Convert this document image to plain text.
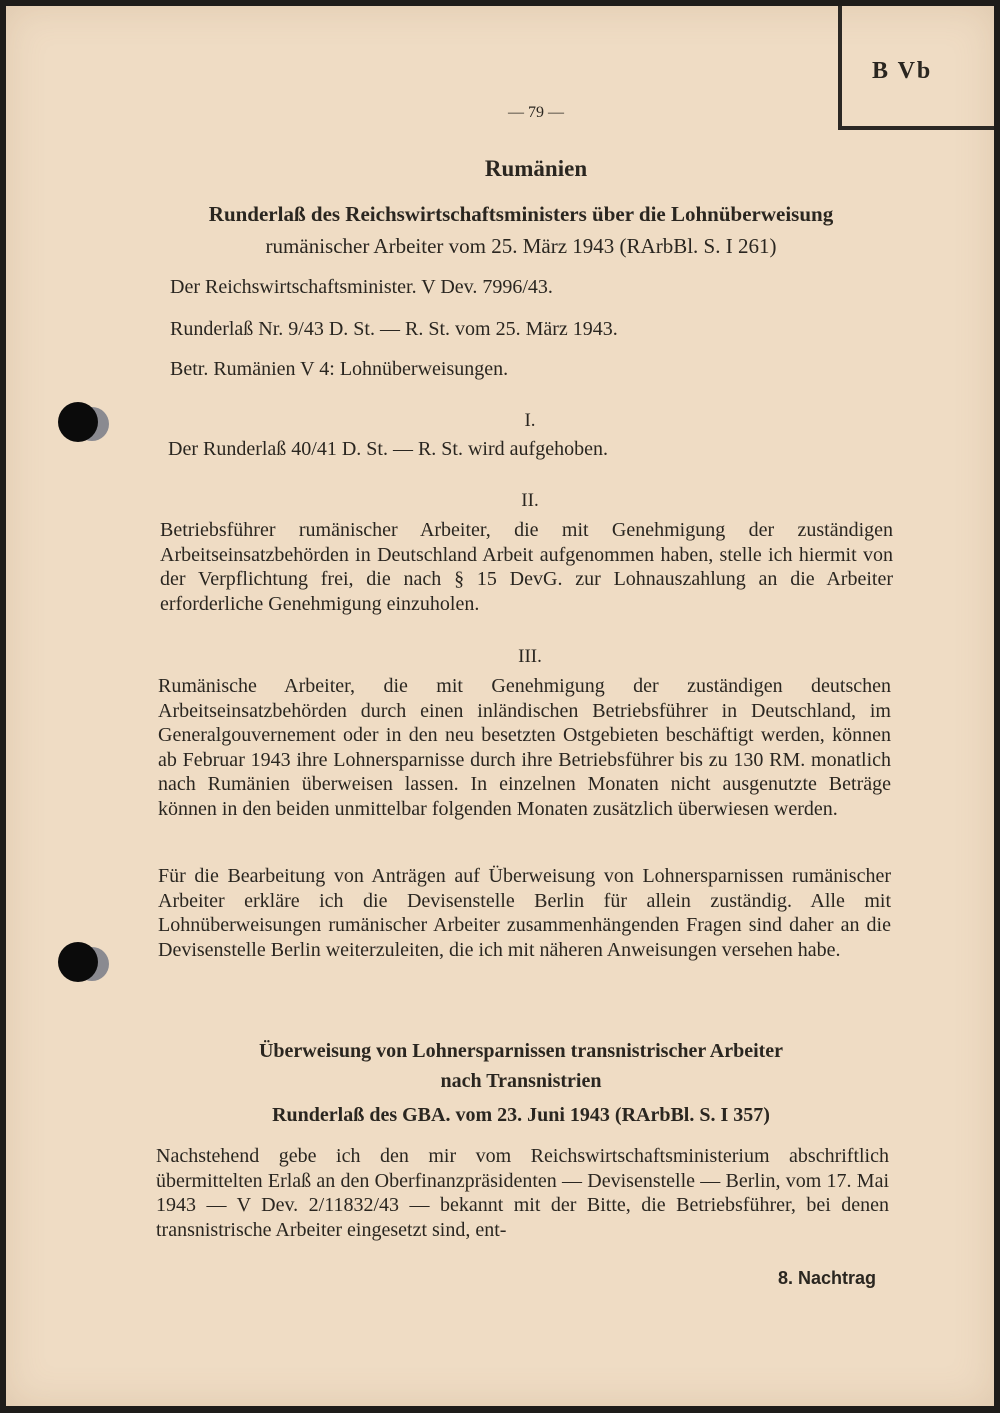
B Vb
— 79 —
Rumänien
Runderlaß des Reichswirtschaftsministers über die Lohnüberweisung
rumänischer Arbeiter vom 25. März 1943 (RArbBl. S. I 261)
Der Reichswirtschaftsminister. V Dev. 7996/43.
Runderlaß Nr. 9/43 D. St. — R. St. vom 25. März 1943.
Betr. Rumänien V 4: Lohnüberweisungen.
I.
Der Runderlaß 40/41 D. St. — R. St. wird aufgehoben.
II.
Betriebsführer rumänischer Arbeiter, die mit Genehmigung der zuständigen Arbeitseinsatzbehörden in Deutschland Arbeit aufgenommen haben, stelle ich hiermit von der Verpflichtung frei, die nach § 15 DevG. zur Lohnauszahlung an die Arbeiter erforderliche Genehmigung einzuholen.
III.
Rumänische Arbeiter, die mit Genehmigung der zuständigen deutschen Arbeitseinsatzbehörden durch einen inländischen Betriebsführer in Deutschland, im Generalgouvernement oder in den neu besetzten Ostgebieten beschäftigt werden, können ab Februar 1943 ihre Lohnersparnisse durch ihre Betriebsführer bis zu 130 RM. monatlich nach Rumänien überweisen lassen. In einzelnen Monaten nicht ausgenutzte Beträge können in den beiden unmittelbar folgenden Monaten zusätzlich überwiesen werden.
Für die Bearbeitung von Anträgen auf Überweisung von Lohnersparnissen rumänischer Arbeiter erkläre ich die Devisenstelle Berlin für allein zuständig. Alle mit Lohnüberweisungen rumänischer Arbeiter zusammenhängenden Fragen sind daher an die Devisenstelle Berlin weiterzuleiten, die ich mit näheren Anweisungen versehen habe.
Überweisung von Lohnersparnissen transnistrischer Arbeiter
nach Transnistrien
Runderlaß des GBA. vom 23. Juni 1943 (RArbBl. S. I 357)
Nachstehend gebe ich den mir vom Reichswirtschaftsministerium abschriftlich übermittelten Erlaß an den Oberfinanzpräsidenten — Devisenstelle — Berlin, vom 17. Mai 1943 — V Dev. 2/11832/43 — bekannt mit der Bitte, die Betriebsführer, bei denen transnistrische Arbeiter eingesetzt sind, ent-
8. Nachtrag
